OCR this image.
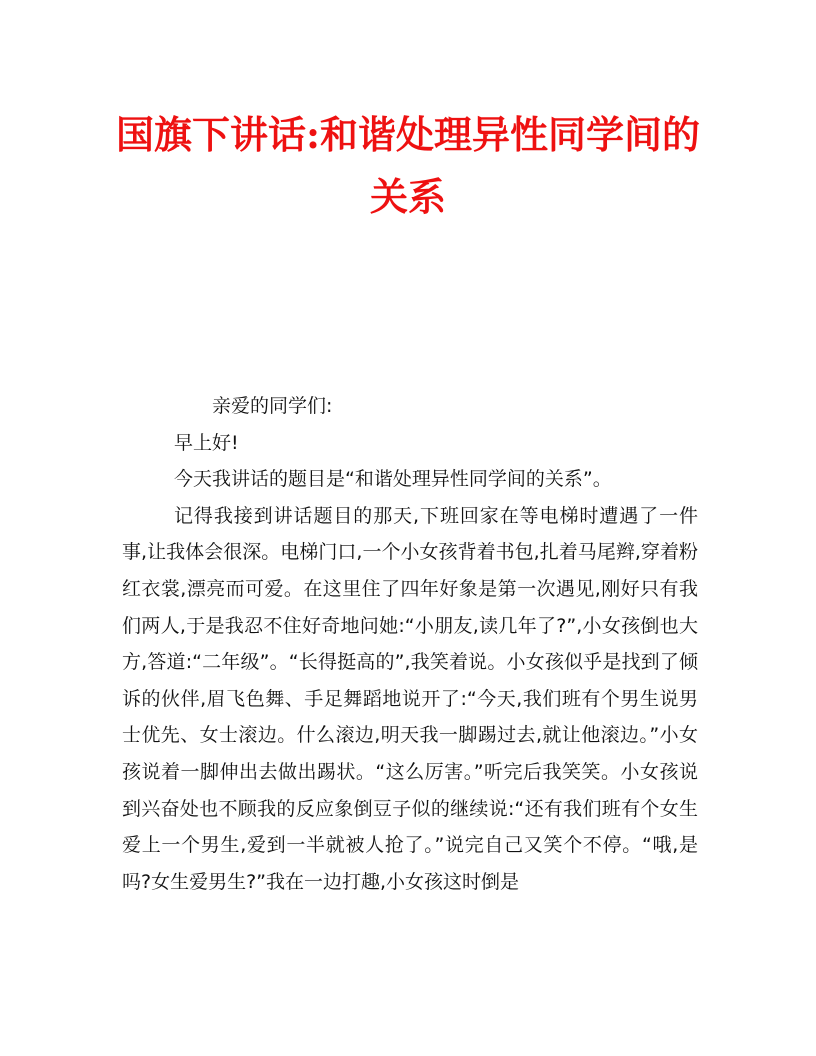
国旗下讲话:和谐处理异性同学间的关系

亲爱的同学们:

早上好!

今天我讲话的题目是“和谐处理异性同学间的关系”。

记得我接到讲话题目的那天,下班回家在等电梯时遭遇了一件事,让我体会很深。电梯门口,一个小女孩背着书包,扎着马尾辫,穿着粉红衣裳,漂亮而可爱。在这里住了四年好象是第一次遇见,刚好只有我们两人,于是我忍不住好奇地问她:“小朋友,读几年了?”,小女孩倒也大方,答道:“二年级”。“长得挺高的”,我笑着说。小女孩似乎是找到了倾诉的伙伴,眉飞色舞、手足舞蹈地说开了:“今天,我们班有个男生说男士优先、女士滚边。什么滚边,明天我一脚踢过去,就让他滚边。”小女孩说着一脚伸出去做出踢状。“这么厉害。”听完后我笑笑。小女孩说到兴奋处也不顾我的反应象倒豆子似的继续说:“还有我们班有个女生爱上一个男生,爱到一半就被人抢了。”说完自己又笑个不停。“哦,是吗?女生爱男生?”我在一边打趣,小女孩这时倒是
